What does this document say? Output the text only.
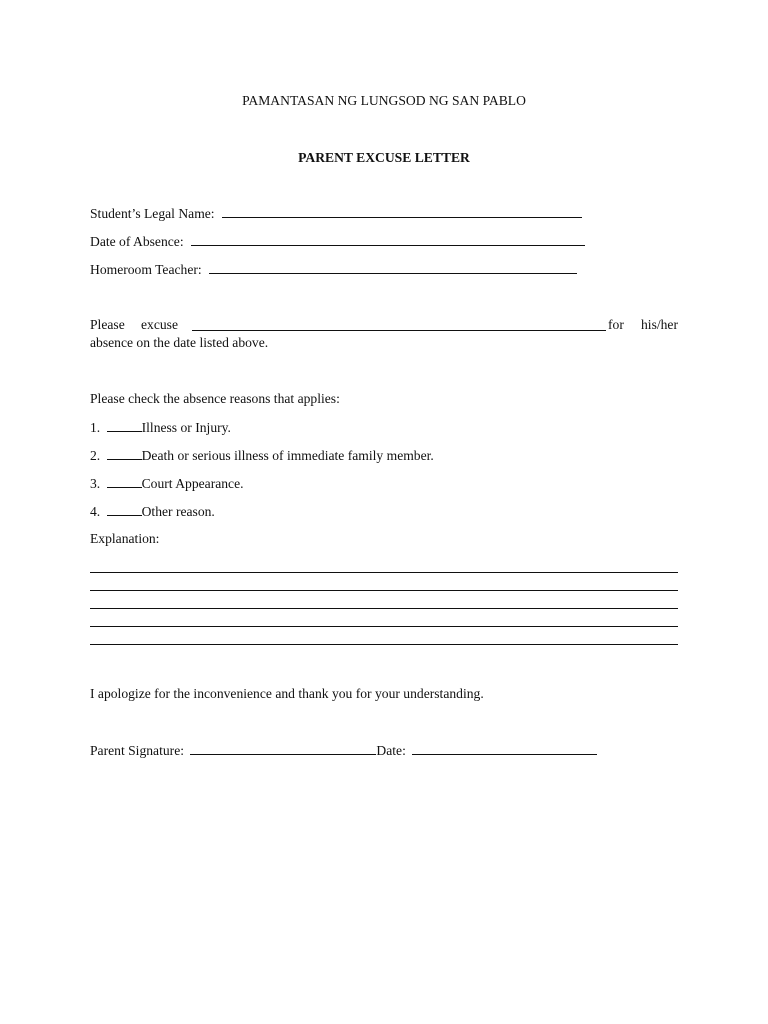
PAMANTASAN NG LUNGSOD NG SAN PABLO
PARENT EXCUSE LETTER
Student’s Legal Name:
Date of Absence:
Homeroom Teacher:
Please excuse	for his/her
absence on the date listed above.
Please check the absence reasons that applies:
1.	Illness or Injury.
2.	Death or serious illness of immediate family member.
3.	Court Appearance.
4.	Other reason.
Explanation:
I apologize for the inconvenience and thank you for your understanding.
Parent Signature:	Date:
